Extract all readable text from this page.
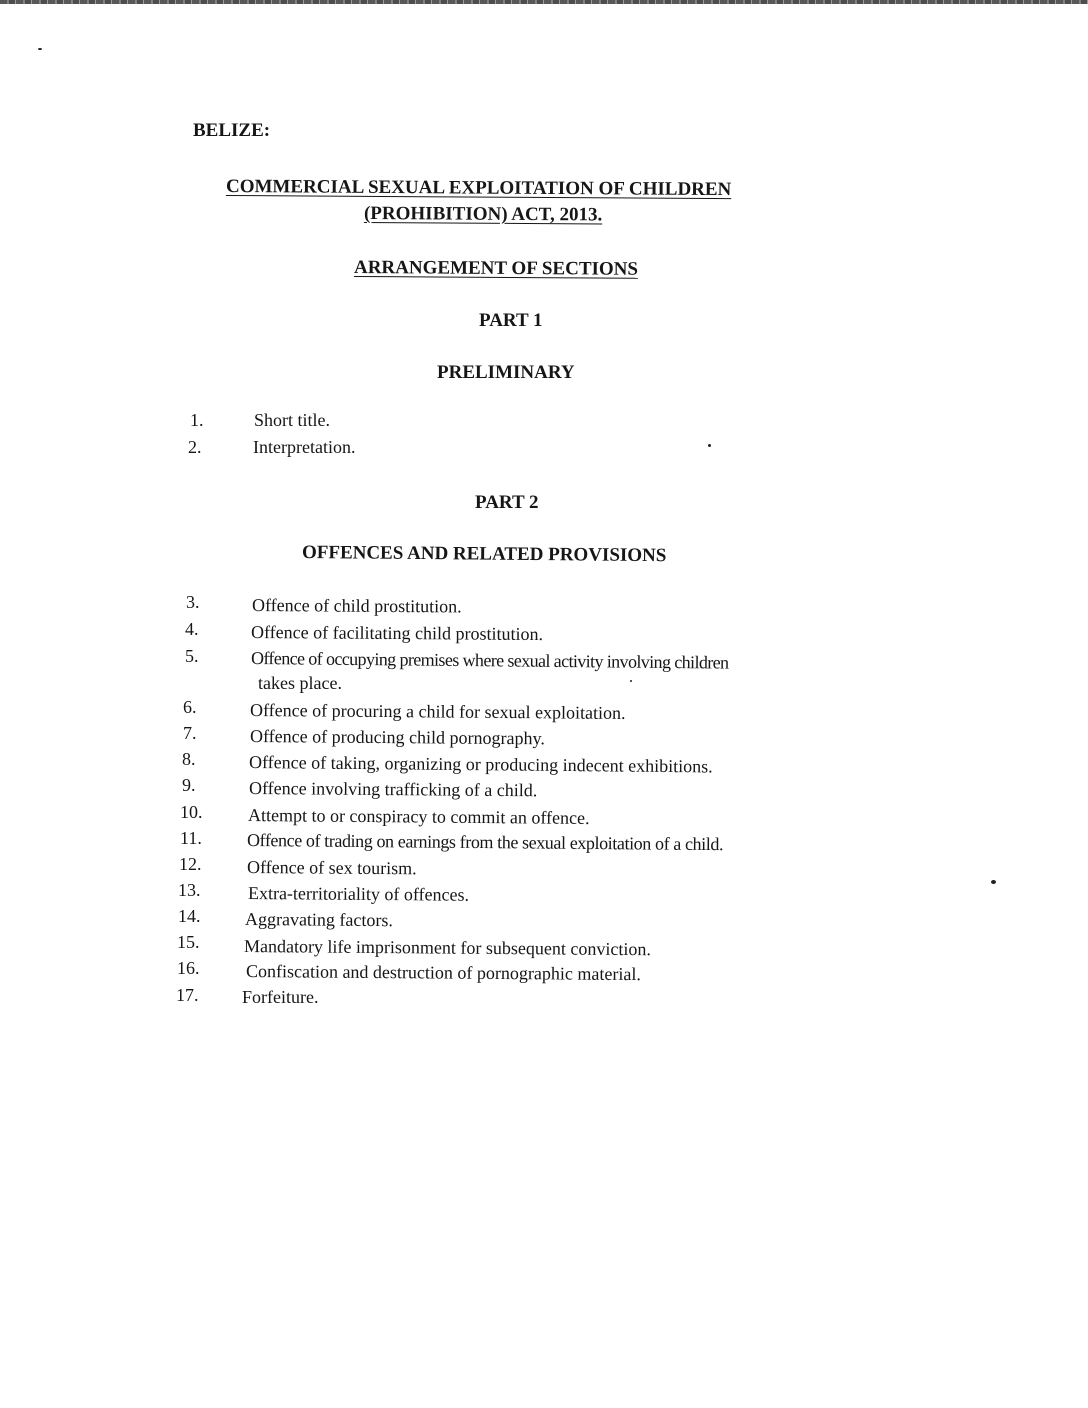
BELIZE:
COMMERCIAL SEXUAL EXPLOITATION OF CHILDREN
(PROHIBITION) ACT, 2013.
ARRANGEMENT OF SECTIONS
PART 1
PRELIMINARY
1.	Short title.
2.	Interpretation.
PART 2
OFFENCES AND RELATED PROVISIONS
3.	Offence of child prostitution.
4.	Offence of facilitating child prostitution.
5.	Offence of occupying premises where sexual activity involving children
takes place.
6.	Offence of procuring a child for sexual exploitation.
7.	Offence of producing child pornography.
8.	Offence of taking, organizing or producing indecent exhibitions.
9.	Offence involving trafficking of a child.
10.	Attempt to or conspiracy to commit an offence.
11.	Offence of trading on earnings from the sexual exploitation of a child.
12.	Offence of sex tourism.
13.	Extra-territoriality of offences.
14. Aggravating factors.
15. Mandatory life imprisonment for subsequent conviction.
16.	Confiscation and destruction of pornographic material.
17. Forfeiture.
